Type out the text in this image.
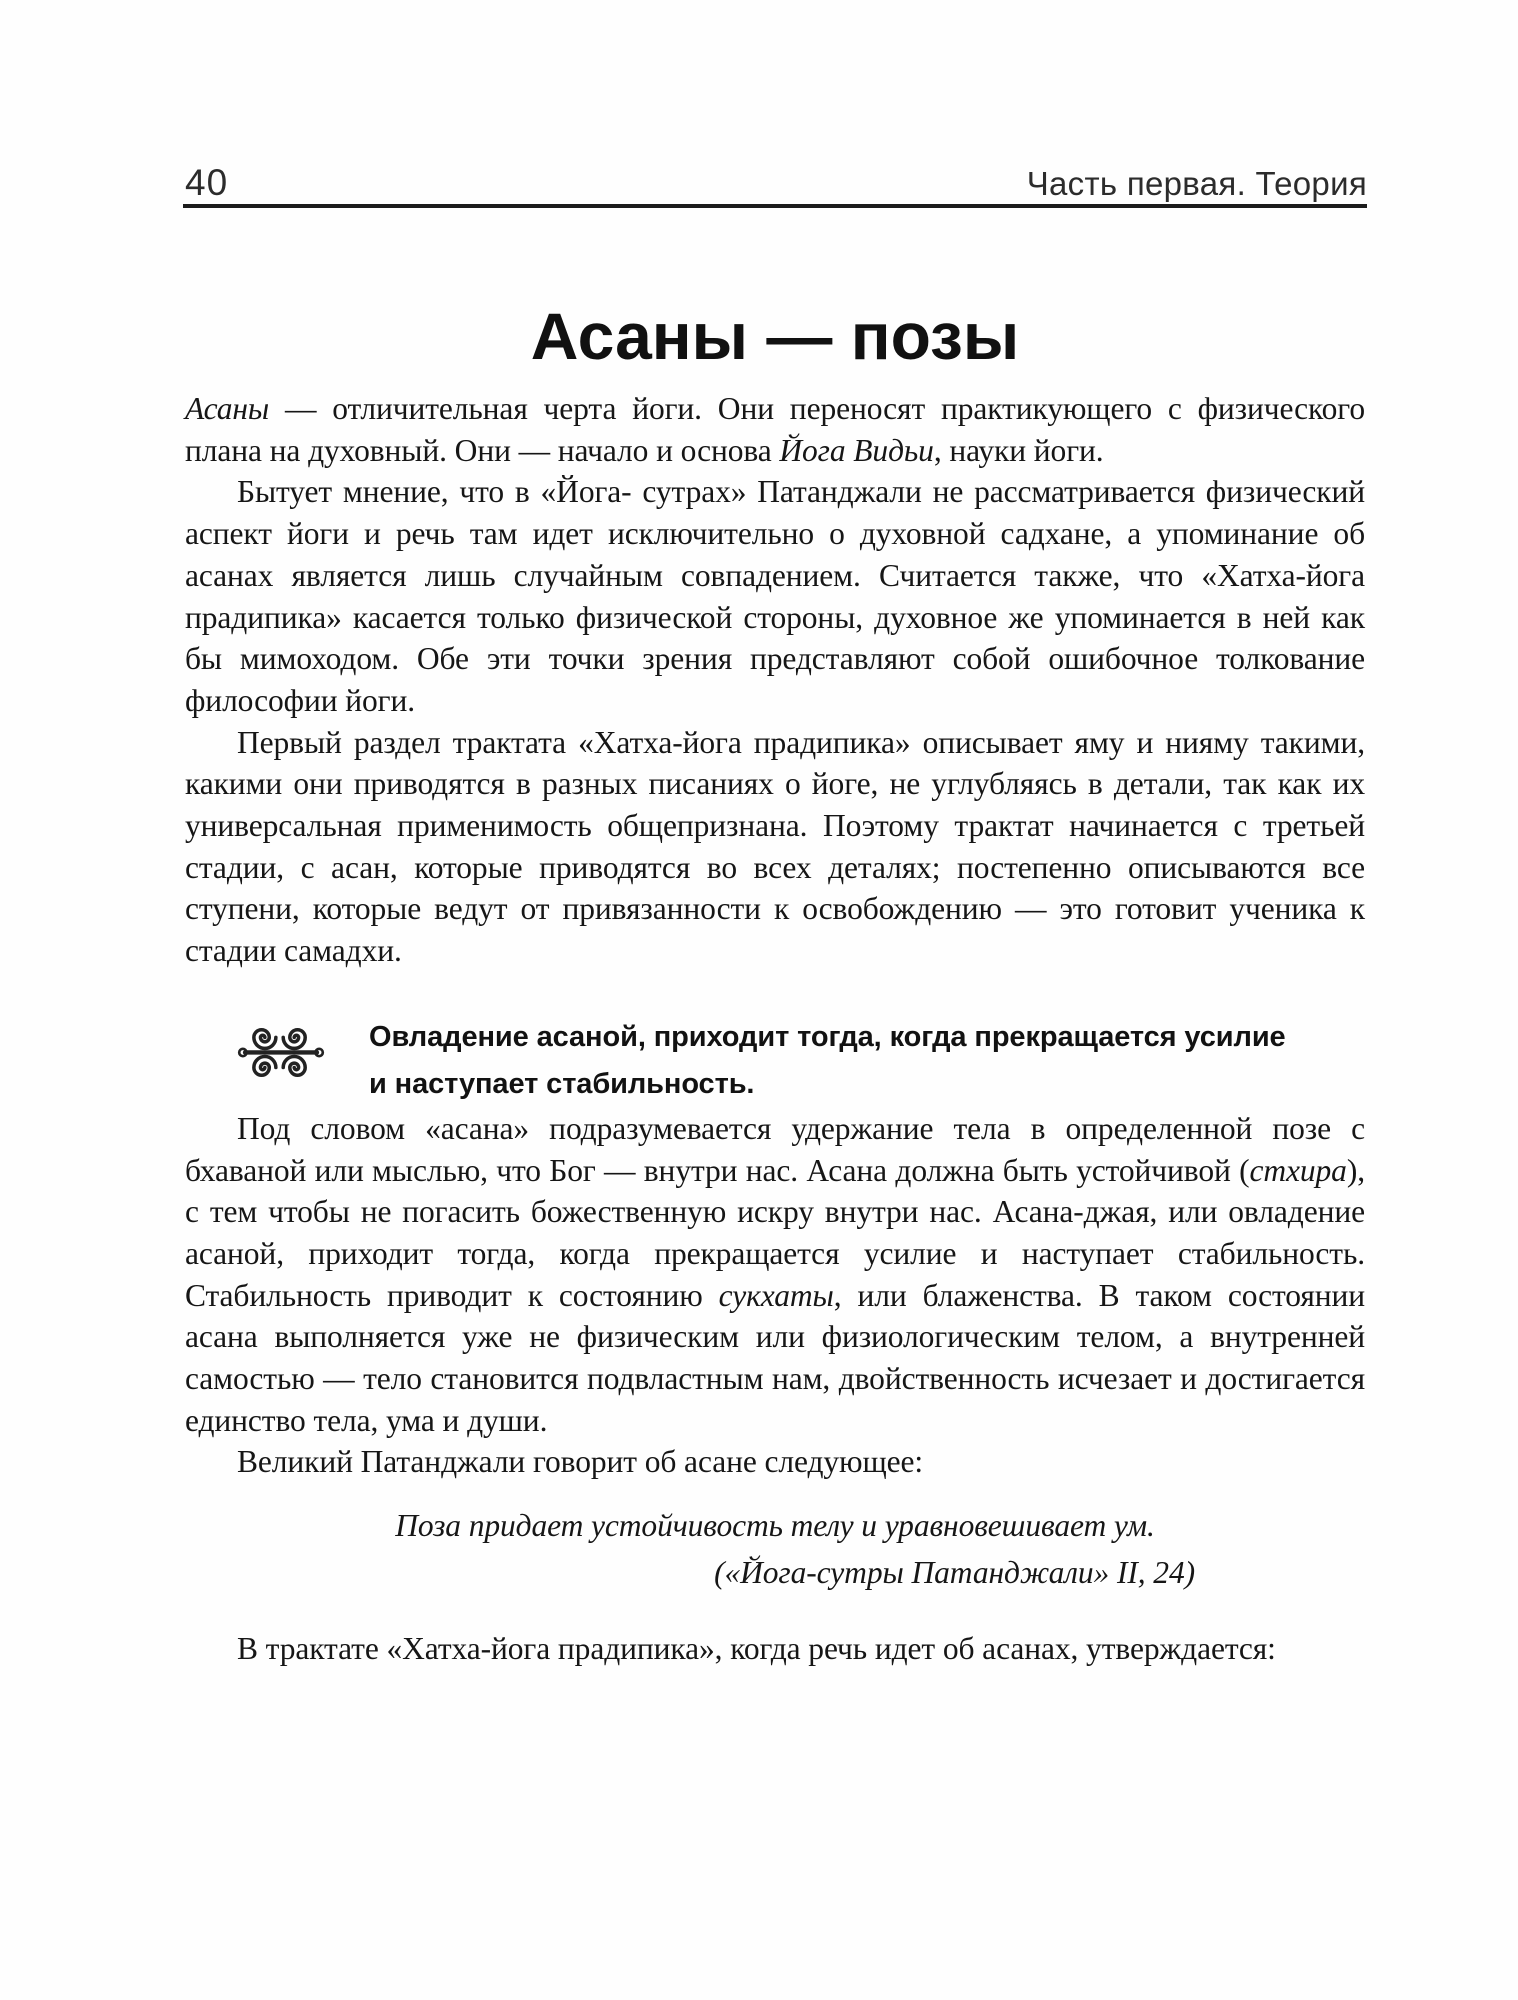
40	Часть первая. Теория
Асаны — позы

Асаны — отличительная черта йоги. Они переносят практикующего с физического плана на духовный. Они — начало и основа Йога Видьи, науки йоги.

Бытует мнение, что в «Йога- сутрах» Патанджали не рассматривается физический аспект йоги и речь там идет исключительно о духовной садхане, а упоминание об асанах является лишь случайным совпадением. Считается также, что «Хатха-йога прадипика» касается только физической стороны, духовное же упоминается в ней как бы мимоходом. Обе эти точки зрения представляют собой ошибочное толкование философии йоги.

Первый раздел трактата «Хатха-йога прадипика» описывает яму и нияму такими, какими они приводятся в разных писаниях о йоге, не углубляясь в детали, так как их универсальная применимость общепризнана. Поэтому трактат начинается с третьей стадии, с асан, которые приводятся во всех деталях; постепенно описываются все ступени, которые ведут от привязанности к освобождению — это готовит ученика к стадии самадхи.

Овладение асаной, приходит тогда, когда прекращается усилие
и наступает стабильность.

Под словом «асана» подразумевается удержание тела в определенной позе с бхаваной или мыслью, что Бог — внутри нас. Асана должна быть устойчивой (стхира), с тем чтобы не погасить божественную искру внутри нас. Асана-джая, или овладение асаной, приходит тогда, когда прекращается усилие и наступает стабильность. Стабильность приводит к состоянию сукхаты, или блаженства. В таком состоянии асана выполняется уже не физическим или физиологическим телом, а внутренней самостью — тело становится подвластным нам, двойственность исчезает и достигается единство тела, ума и души.

Великий Патанджали говорит об асане следующее:

Поза придает устойчивость телу и уравновешивает ум.
(«Йога-сутры Патанджали» II, 24)

В трактате «Хатха-йога прадипика», когда речь идет об асанах, утверждается:
